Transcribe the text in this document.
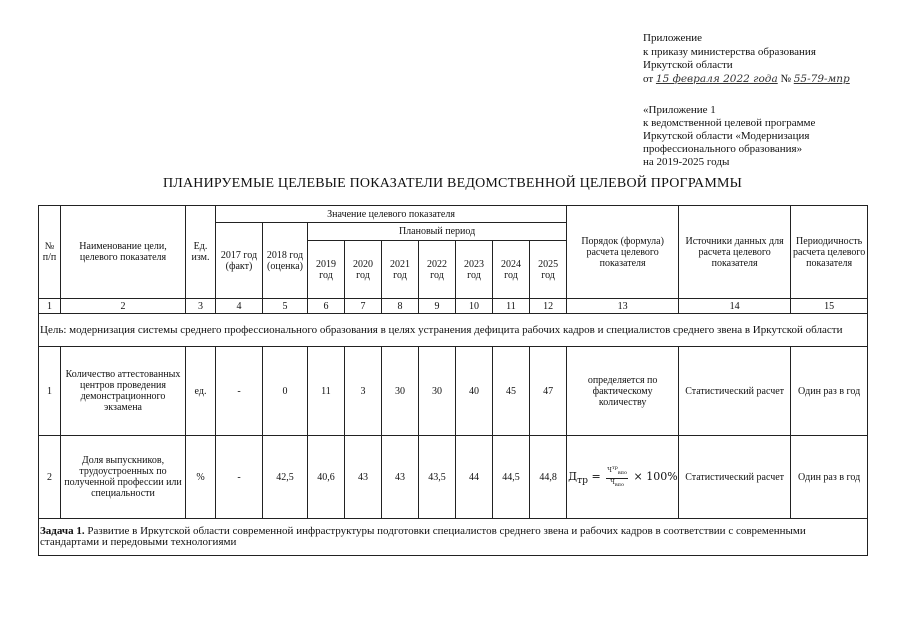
Приложение
к приказу министерства образования
Иркутской области
от 15 февраля 2022 года № 55-79-мпр
«Приложение 1
к ведомственной целевой программе
Иркутской области «Модернизация
профессионального образования»
на 2019-2025 годы
ПЛАНИРУЕМЫЕ ЦЕЛЕВЫЕ ПОКАЗАТЕЛИ ВЕДОМСТВЕННОЙ ЦЕЛЕВОЙ ПРОГРАММЫ
№ п/п	Наименование цели, целевого показателя	Ед. изм.	Значение целевого показателя									Порядок (формула) расчета целевого показателя	Источники данных для расчета целевого показателя	Периодичность расчета целевого показателя
			2017 год (факт)	2018 год (оценка)	Плановый период									
					2019 год	2020 год	2021 год	2022 год	2023 год	2024 год	2025 год			
1	2	3	4	5	6	7	8	9	10	11	12	13	14	15
Цель: модернизация системы среднего профессионального образования в целях устранения дефицита рабочих кадров и специалистов среднего звена в Иркутской области														
1	Количество аттестованных центров проведения демонстрационного экзамена	ед.	-	0	11	3	30	30	40	45	47	определяется по фактическому количеству	Статистический расчет	Один раз в год
2	Доля выпускников, трудоустроенных по полученной профессии или специальности	%	-	42,5	40,6	43	43	43,5	44	44,5	44,8	$Д_{тр} = \frac{Ч^{тр}_{впо}}{Ч_{впо}} \times 100\%$	Статистический расчет	Один раз в год
Задача 1. Развитие в Иркутской области современной инфраструктуры подготовки специалистов среднего звена и рабочих кадров в соответствии с современными стандартами и передовыми технологиями														
